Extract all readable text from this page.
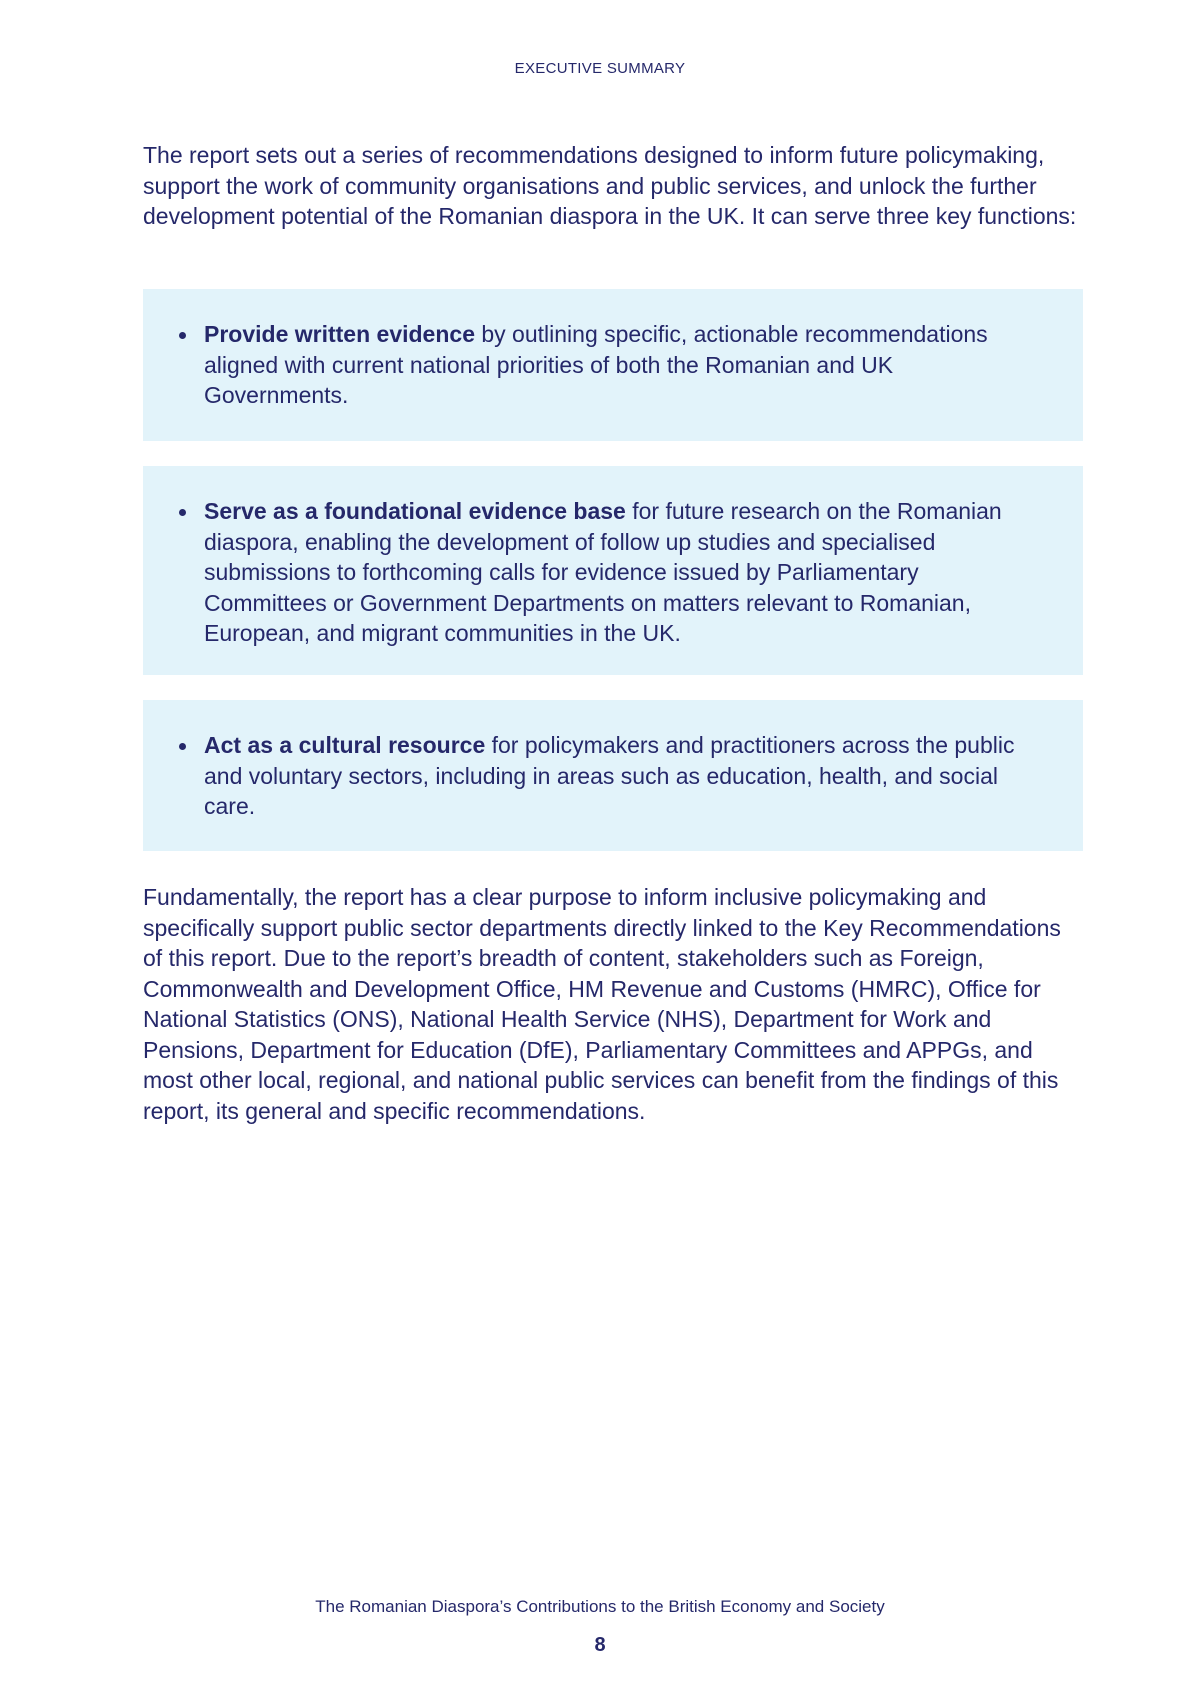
EXECUTIVE SUMMARY

The report sets out a series of recommendations designed to inform future policymaking, support the work of community organisations and public services, and unlock the further development potential of the Romanian diaspora in the UK. It can serve three key functions:

Provide written evidence by outlining specific, actionable recommendations aligned with current national priorities of both the Romanian and UK Governments.
Serve as a foundational evidence base for future research on the Romanian diaspora, enabling the development of follow up studies and specialised submissions to forthcoming calls for evidence issued by Parliamentary Committees or Government Departments on matters relevant to Romanian, European, and migrant communities in the UK.
Act as a cultural resource for policymakers and practitioners across the public and voluntary sectors, including in areas such as education, health, and social care.

Fundamentally, the report has a clear purpose to inform inclusive policymaking and specifically support public sector departments directly linked to the Key Recommendations of this report. Due to the report’s breadth of content, stakeholders such as Foreign, Commonwealth and Development Office, HM Revenue and Customs (HMRC), Office for National Statistics (ONS), National Health Service (NHS), Department for Work and Pensions, Department for Education (DfE), Parliamentary Committees and APPGs, and most other local, regional, and national public services can benefit from the findings of this report, its general and specific recommendations.

The Romanian Diaspora’s Contributions to the British Economy and Society
8
